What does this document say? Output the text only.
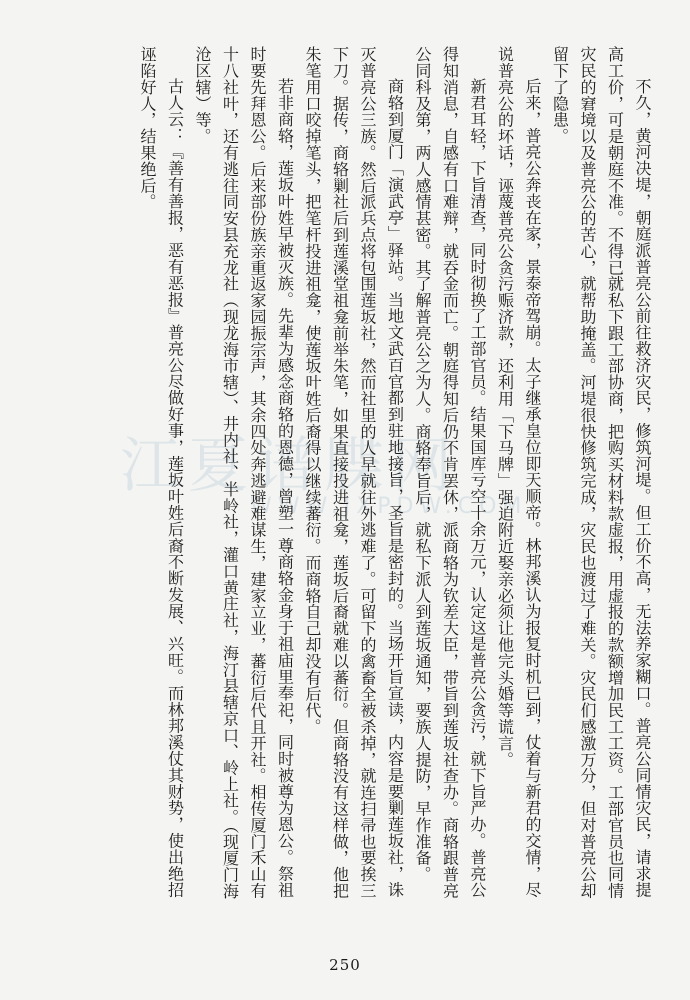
江夏谱牒网
WWW.JXPDW.COM	不久，黄河决堤，朝庭派普亮公前往救济灾民，修筑河堤。但工价不高，无法养家糊口。普亮公同情灾民，请求提高工价，可是朝庭不准。不得已就私下跟工部协商，把购买材料款虚报，用虚报的款额增加民工工资。工部官员也同情灾民的窘境以及普亮公的苦心，就帮助掩盖。河堤很快修筑完成，灾民也渡过了难关。灾民们感激万分，但对普亮公却留下了隐患。

后来，普亮公奔丧在家，景泰帝驾崩。太子继承皇位即天顺帝。林邦溪认为报复时机已到，仗着与新君的交情，尽说普亮公的坏话，诬蔑普亮公贪污赈济款，还利用「下马牌」强迫附近娶亲必须让他完头婚等谎言。

新君耳轻，下旨清查，同时彻换了工部官员。结果国库亏空十余万元，认定这是普亮公贪污，就下旨严办。普亮公得知消息，自感有口难辩，就吞金而亡。朝庭得知后仍不肯罢休，派商辂为钦差大臣，带旨到莲坂社查办。商辂跟普亮公同科及第，两人感情甚密。其了解普亮公之为人。商辂奉旨后，就私下派人到莲坂通知，要族人提防，早作准备。

商辂到厦门「演武亭」驿站。当地文武百官都到驻地接旨，圣旨是密封的。当场开旨宣读，内容是要剿莲坂社，诛灭普亮公三族。然后派兵点将包围莲坂社，然而社里的人早就往外逃难了。可留下的禽畜全被杀掉，就连扫帚也要挨三下刀。据传，商辂剿社后到莲溪堂祖龛前举朱笔，如果直接投进祖龛，莲坂后裔就难以蕃衍。但商辂没有这样做，他把朱笔用口咬掉笔头，把笔杆投进祖龛，使莲坂叶姓后裔得以继续蕃衍。而商辂自己却没有后代。

若非商辂，莲坂叶姓早被灭族。先辈为感念商辂的恩德，曾塑一尊商辂金身于祖庙里奉祀，同时被尊为恩公。祭祖时要先拜恩公。后来部份族亲重返家园振宗声，其余四处奔逃避难谋生，建家立业，蕃衍后代且开社。相传厦门禾山有十八社叶，还有逃往同安县充龙社（现龙海市辖）、井内社、半岭社，灌口黄庄社，海汀县辖京口、岭上社。（现厦门海沧区辖）等。

古人云：『善有善报，恶有恶报』普亮公尽做好事，莲坂叶姓后裔不断发展、兴旺。而林邦溪仗其财势，使出绝招诬陷好人，结果绝后。

250
